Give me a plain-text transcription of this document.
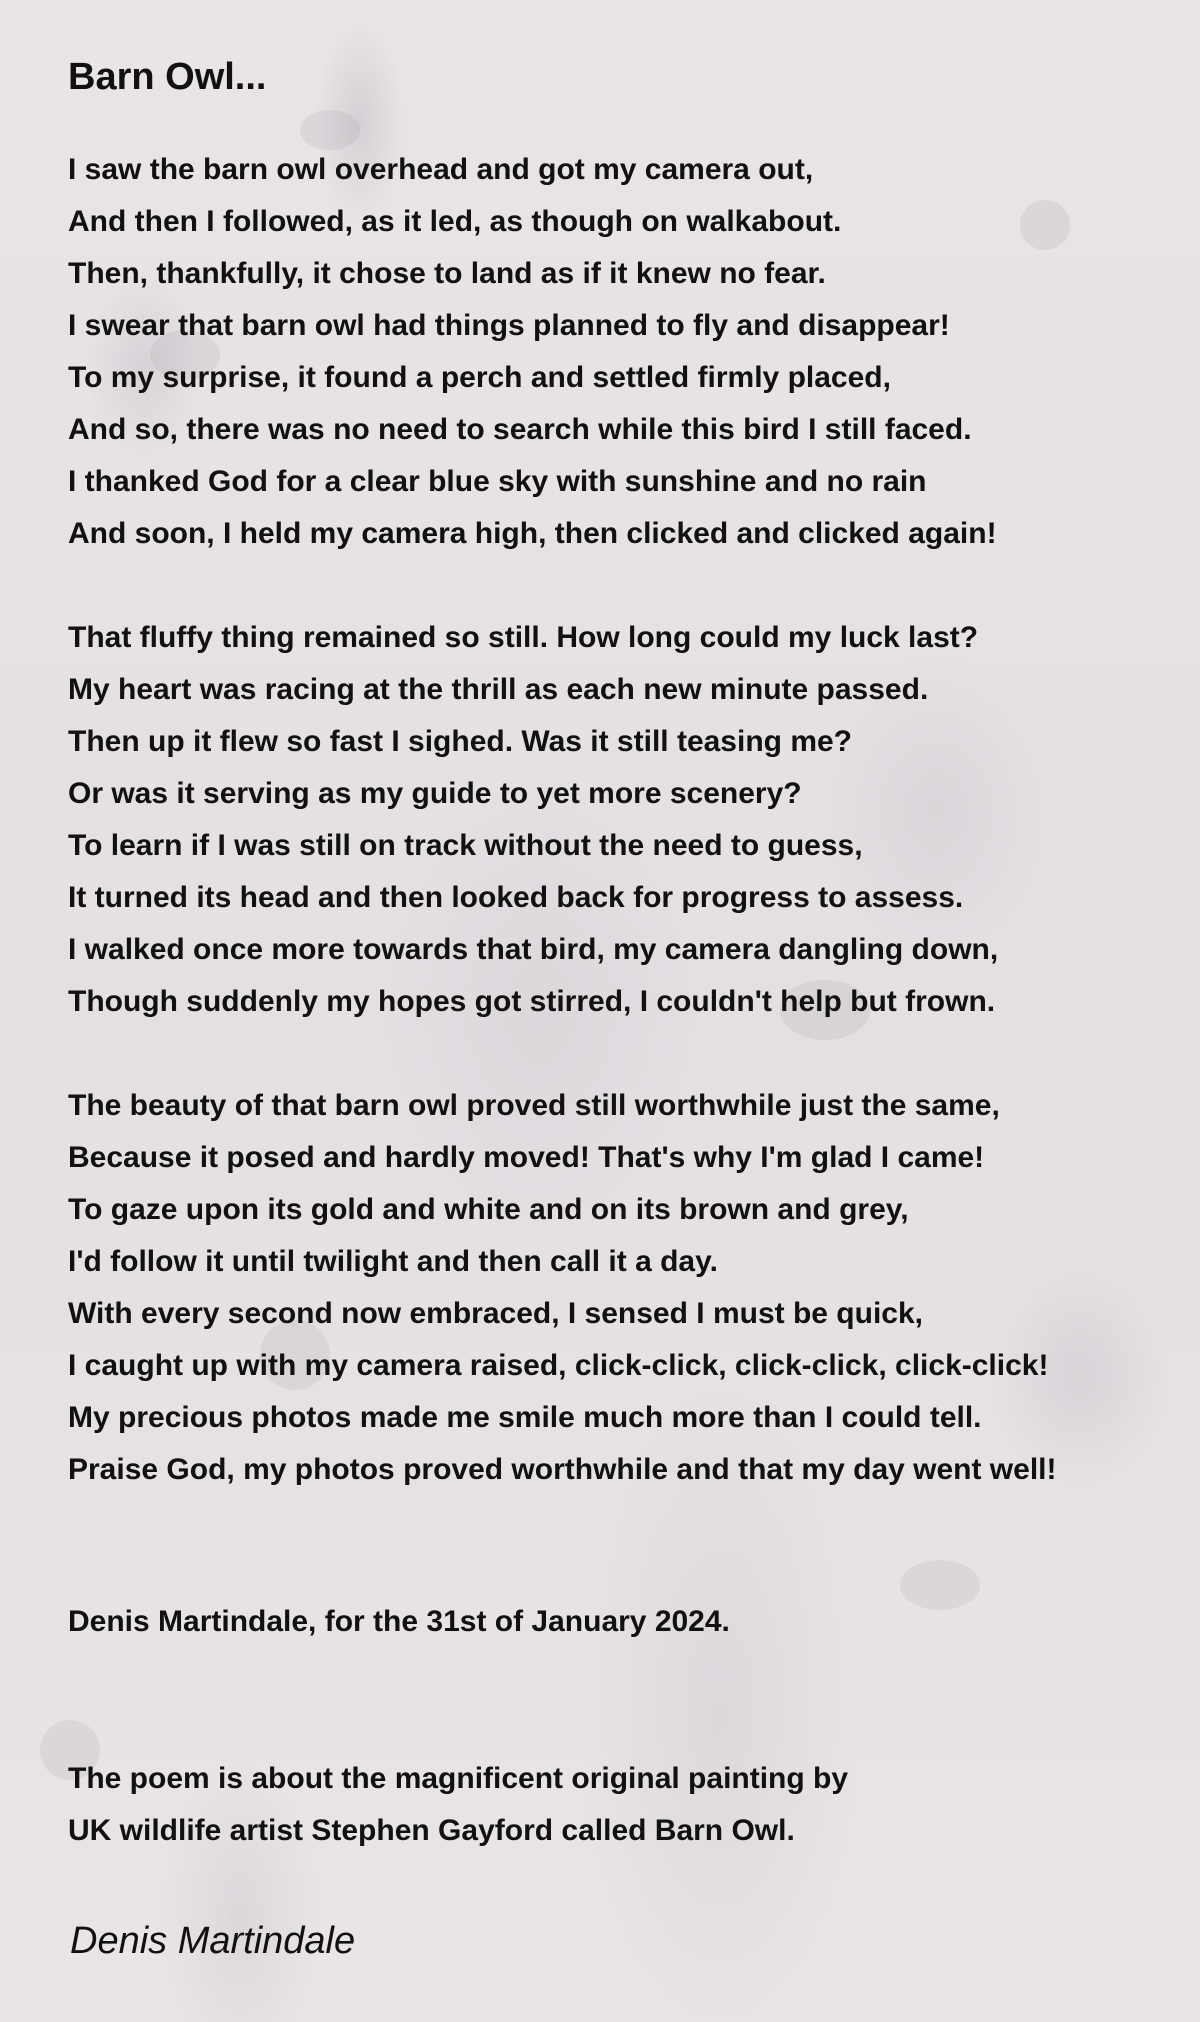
Barn Owl...
I saw the barn owl overhead and got my camera out,
And then I followed, as it led, as though on walkabout.
Then, thankfully, it chose to land as if it knew no fear.
I swear that barn owl had things planned to fly and disappear!
To my surprise, it found a perch and settled firmly placed,
And so, there was no need to search while this bird I still faced.
I thanked God for a clear blue sky with sunshine and no rain
And soon, I held my camera high, then clicked and clicked again!
That fluffy thing remained so still. How long could my luck last?
My heart was racing at the thrill as each new minute passed.
Then up it flew so fast I sighed. Was it still teasing me?
Or was it serving as my guide to yet more scenery?
To learn if I was still on track without the need to guess,
It turned its head and then looked back for progress to assess.
I walked once more towards that bird, my camera dangling down,
Though suddenly my hopes got stirred, I couldn't help but frown.
The beauty of that barn owl proved still worthwhile just the same,
Because it posed and hardly moved! That's why I'm glad I came!
To gaze upon its gold and white and on its brown and grey,
I'd follow it until twilight and then call it a day.
With every second now embraced, I sensed I must be quick,
I caught up with my camera raised, click-click, click-click, click-click!
My precious photos made me smile much more than I could tell.
Praise God, my photos proved worthwhile and that my day went well!
Denis Martindale, for the 31st of January 2024.
The poem is about the magnificent original painting by
UK wildlife artist Stephen Gayford called Barn Owl.
Denis Martindale
